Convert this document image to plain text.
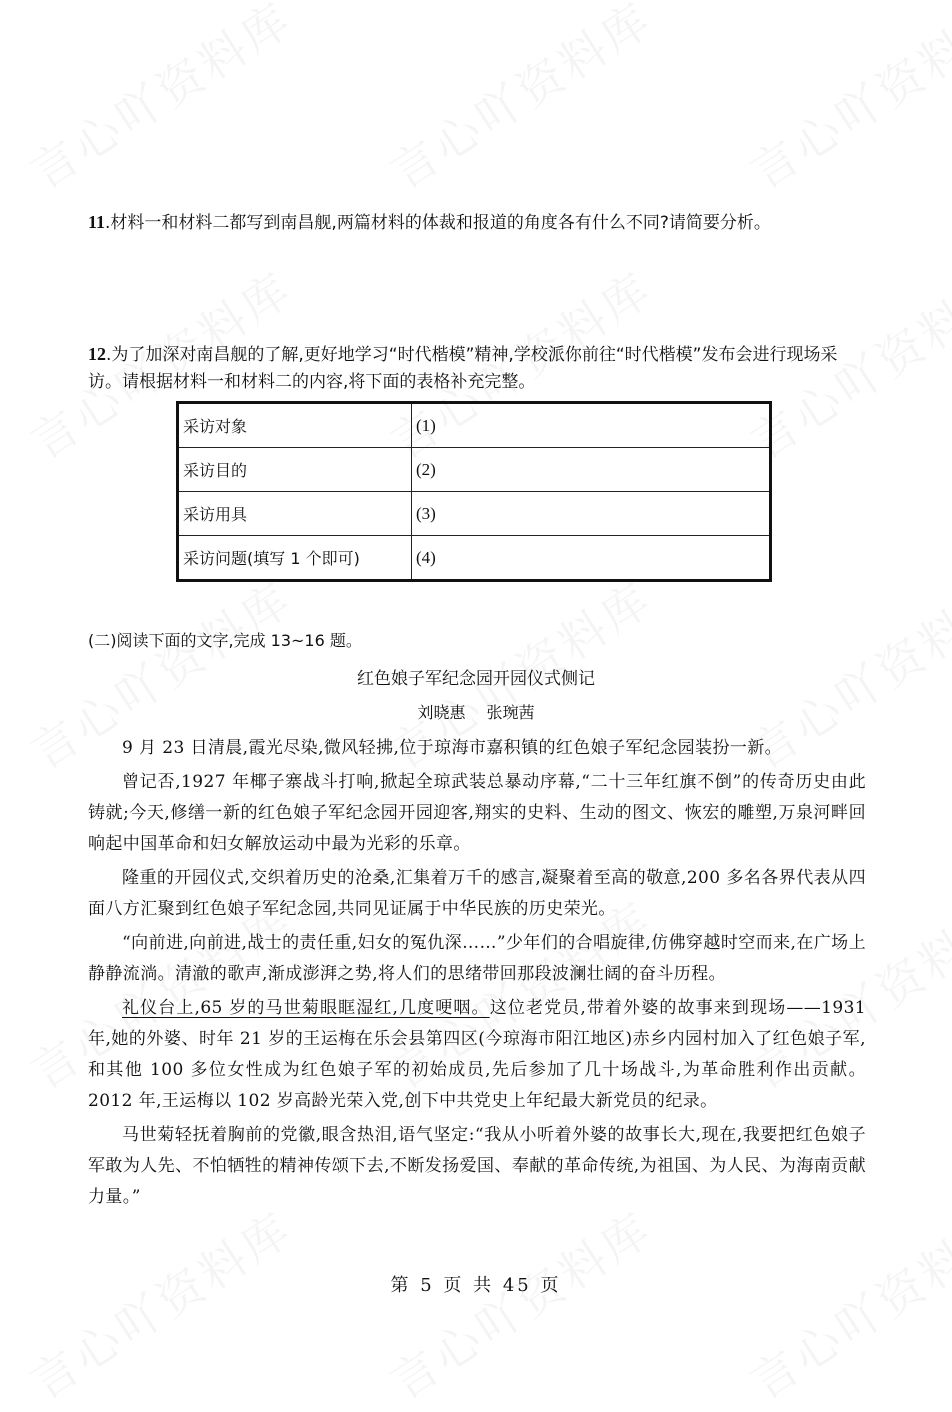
11.材料一和材料二都写到南昌舰,两篇材料的体裁和报道的角度各有什么不同?请简要分析。
12.为了加深对南昌舰的了解,更好地学习“时代楷模”精神,学校派你前往“时代楷模”发布会进行现场采访。请根据材料一和材料二的内容,将下面的表格补充完整。
采访对象	(1)
采访目的	(2)
采访用具	(3)
采访问题(填写 1 个即可)	(4)
(二)阅读下面的文字,完成 13~16 题。
红色娘子军纪念园开园仪式侧记
刘晓惠 张琬茜

9 月 23 日清晨,霞光尽染,微风轻拂,位于琼海市嘉积镇的红色娘子军纪念园装扮一新。

曾记否,1927 年椰子寨战斗打响,掀起全琼武装总暴动序幕,“二十三年红旗不倒”的传奇历史由此铸就;今天,修缮一新的红色娘子军纪念园开园迎客,翔实的史料、生动的图文、恢宏的雕塑,万泉河畔回响起中国革命和妇女解放运动中最为光彩的乐章。

隆重的开园仪式,交织着历史的沧桑,汇集着万千的感言,凝聚着至高的敬意,200 多名各界代表从四面八方汇聚到红色娘子军纪念园,共同见证属于中华民族的历史荣光。

“向前进,向前进,战士的责任重,妇女的冤仇深……”少年们的合唱旋律,仿佛穿越时空而来,在广场上静静流淌。清澈的歌声,渐成澎湃之势,将人们的思绪带回那段波澜壮阔的奋斗历程。

礼仪台上,65 岁的马世菊眼眶湿红,几度哽咽。这位老党员,带着外婆的故事来到现场——1931 年,她的外婆、时年 21 岁的王运梅在乐会县第四区(今琼海市阳江地区)赤乡内园村加入了红色娘子军,和其他 100 多位女性成为红色娘子军的初始成员,先后参加了几十场战斗,为革命胜利作出贡献。2012 年,王运梅以 102 岁高龄光荣入党,创下中共党史上年纪最大新党员的纪录。

马世菊轻抚着胸前的党徽,眼含热泪,语气坚定:“我从小听着外婆的故事长大,现在,我要把红色娘子军敢为人先、不怕牺牲的精神传颂下去,不断发扬爱国、奉献的革命传统,为祖国、为人民、为海南贡献力量。”

第 5 页 共 45 页
